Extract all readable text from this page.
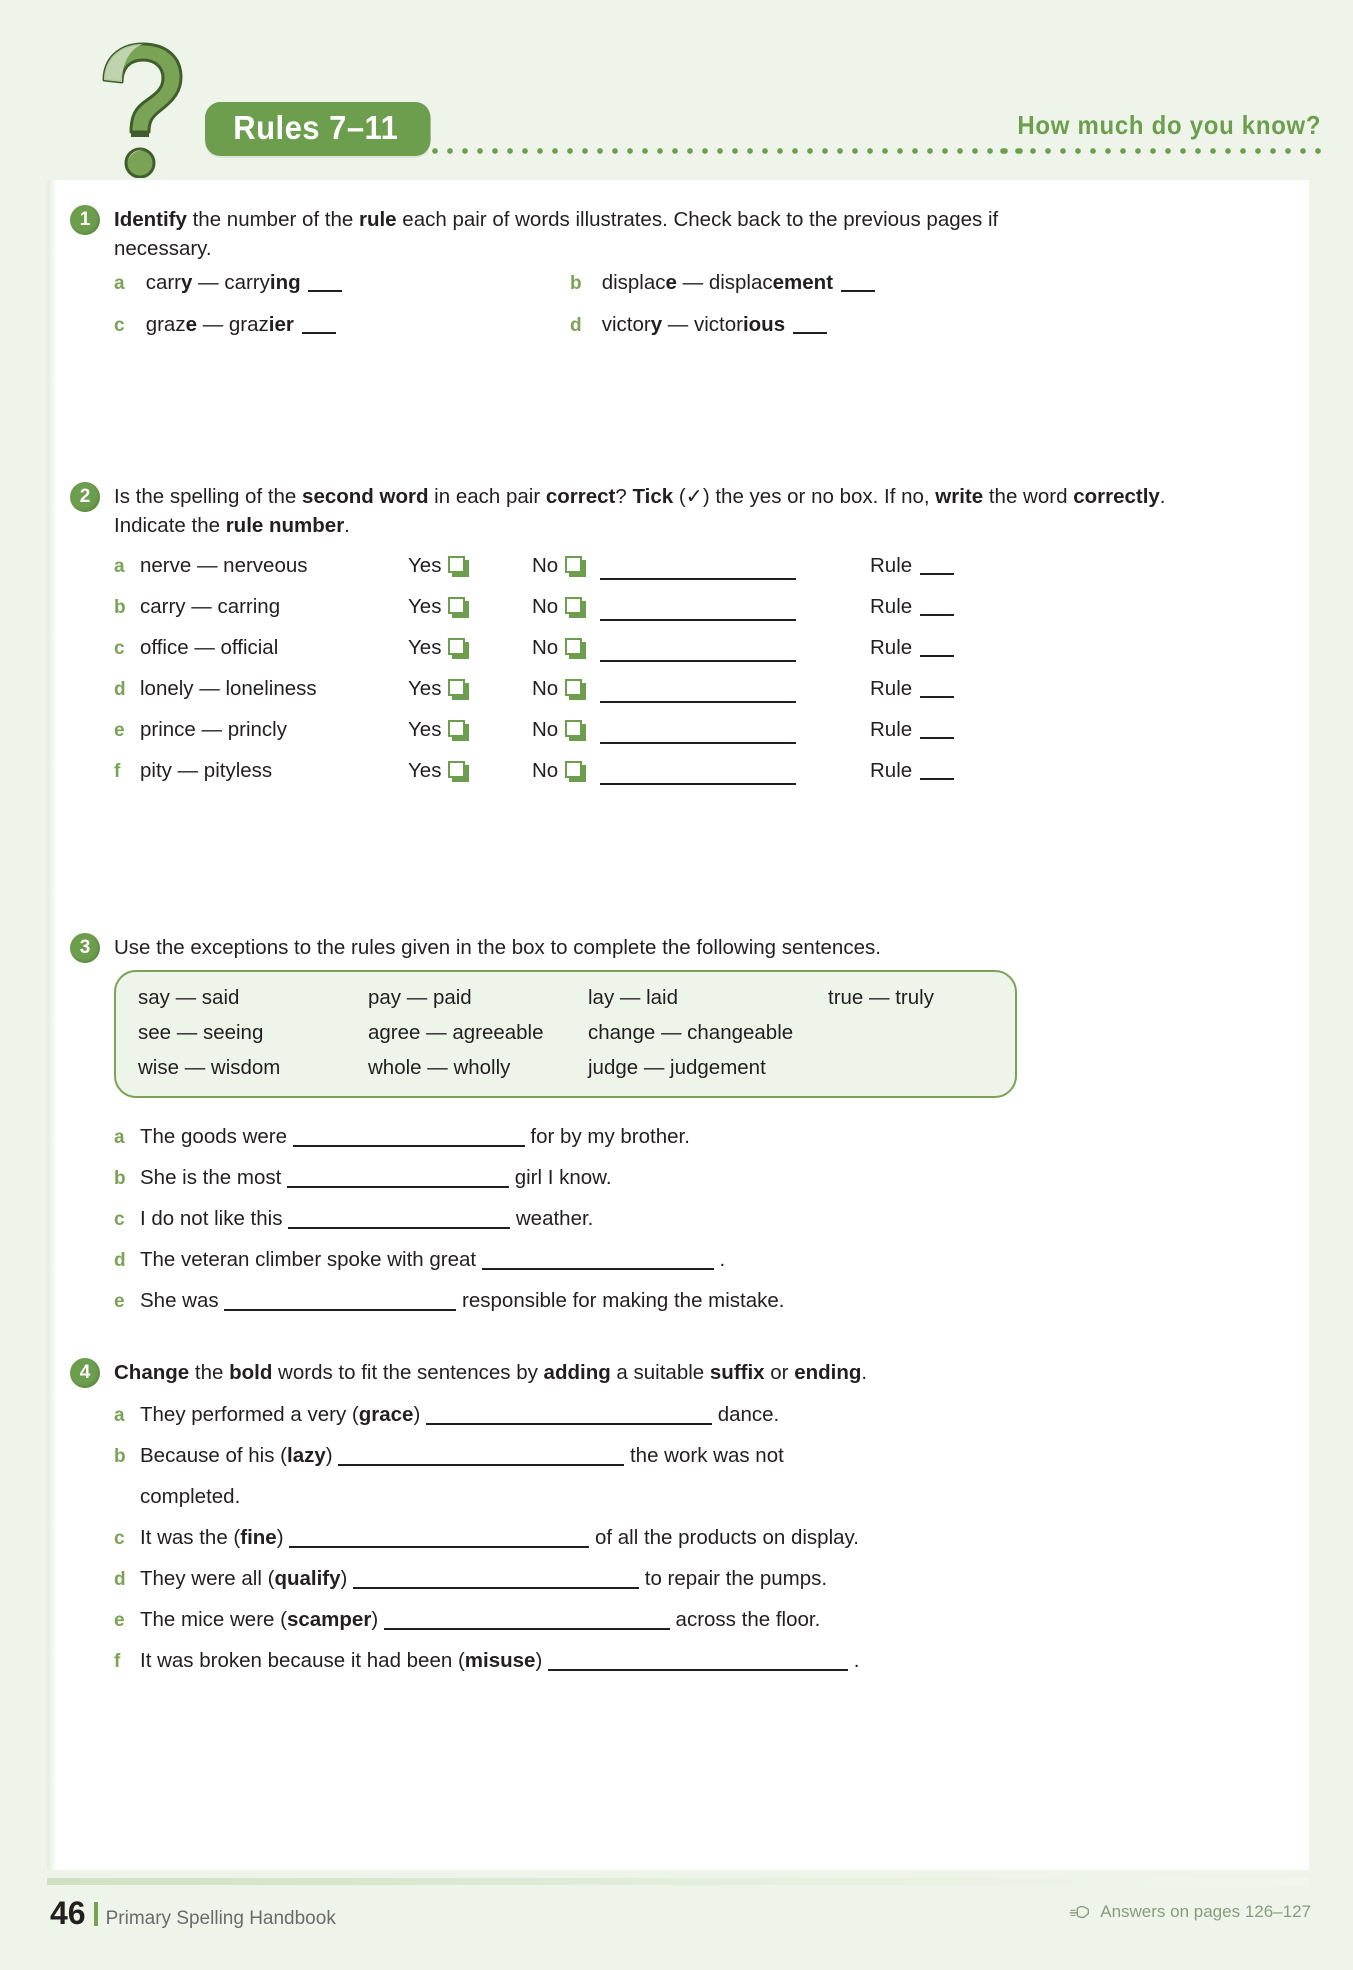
Rules 7–11	How much do you know?
1	Identify the number of the rule each pair of words illustrates. Check back to the previous pages if necessary.
a carry — carrying	b displace — displacement
c graze — grazier	d victory — victorious
2	Is the spelling of the second word in each pair correct? Tick (✓) the yes or no box. If no, write the word correctly. Indicate the rule number.
a nerve — nerveous	Yes	No	Rule
b carry — carring	Yes	No	Rule
c office — official	Yes	No	Rule
d lonely — loneliness	Yes	No	Rule
e prince — princly	Yes	No	Rule
f pity — pityless	Yes	No	Rule
3	Use the exceptions to the rules given in the box to complete the following sentences.
say — said	pay — paid	lay — laid	true — truly
see — seeing	agree — agreeable change — changeable
wise — wisdom	whole — wholly	judge — judgement
a The goods were	for by my brother.
b She is the most	girl I know.
c I do not like this	weather.
d The veteran climber spoke with great	.
e She was	responsible for making the mistake.
4	Change the bold words to fit the sentences by adding a suitable suffix or ending.
a They performed a very (grace)	dance.
b Because of his (lazy)	the work was not
completed.
c It was the (fine)	of all the products on display.
d They were all (qualify)	to repair the pumps.
e The mice were (scamper)	across the floor.
f It was broken because it had been (misuse)	.
46 Primary Spelling Handbook	Answers on pages 126–127
